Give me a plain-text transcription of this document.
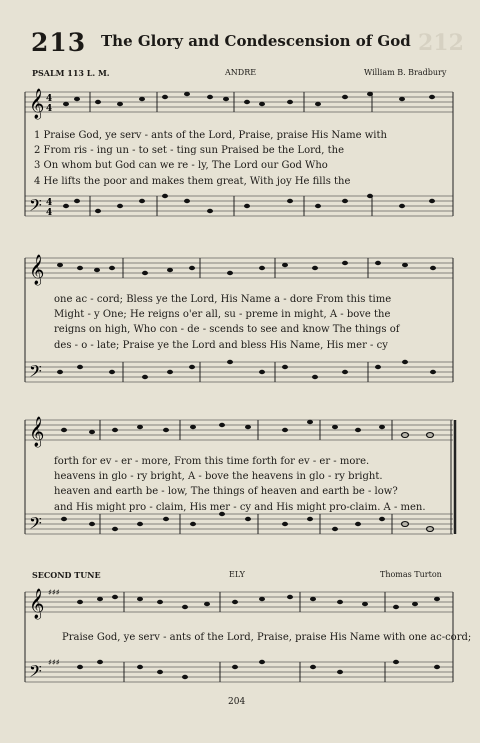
213 The Glory and Condescension of God 212
PSALM 113 L. M.	ANDRE	William B. Bradbury
𝄞
𝄢
4
4
4
4
1 Praise God, ye serv - ants of the Lord, Praise, praise His Name with
2 From ris - ing un - to set - ting sun Praised be the Lord, the
3 On whom but God can we re - ly, The Lord our God Who
4 He lifts the poor and makes them great, With joy He fills the
𝄞
𝄢
one ac - cord; Bless ye the Lord, His Name a - dore From this time
Might - y One; He reigns o'er all, su - preme in might, A - bove the
reigns on high, Who con - de - scends to see and know The things of
des - o - late; Praise ye the Lord and bless His Name, His mer - cy
𝄞
𝄢
forth for ev - er - more, From this time forth for ev - er - more.
heavens in glo - ry bright, A - bove the heavens in glo - ry bright.
heaven and earth be - low, The things of heaven and earth be - low?
and His might pro - claim, His mer - cy and His might pro-claim. A - men.
SECOND TUNE	ELY	Thomas Turton
𝄞
𝄢
♯♯♯
♯♯♯
Praise God, ye serv - ants of the Lord, Praise, praise His Name with one ac-cord;
204
